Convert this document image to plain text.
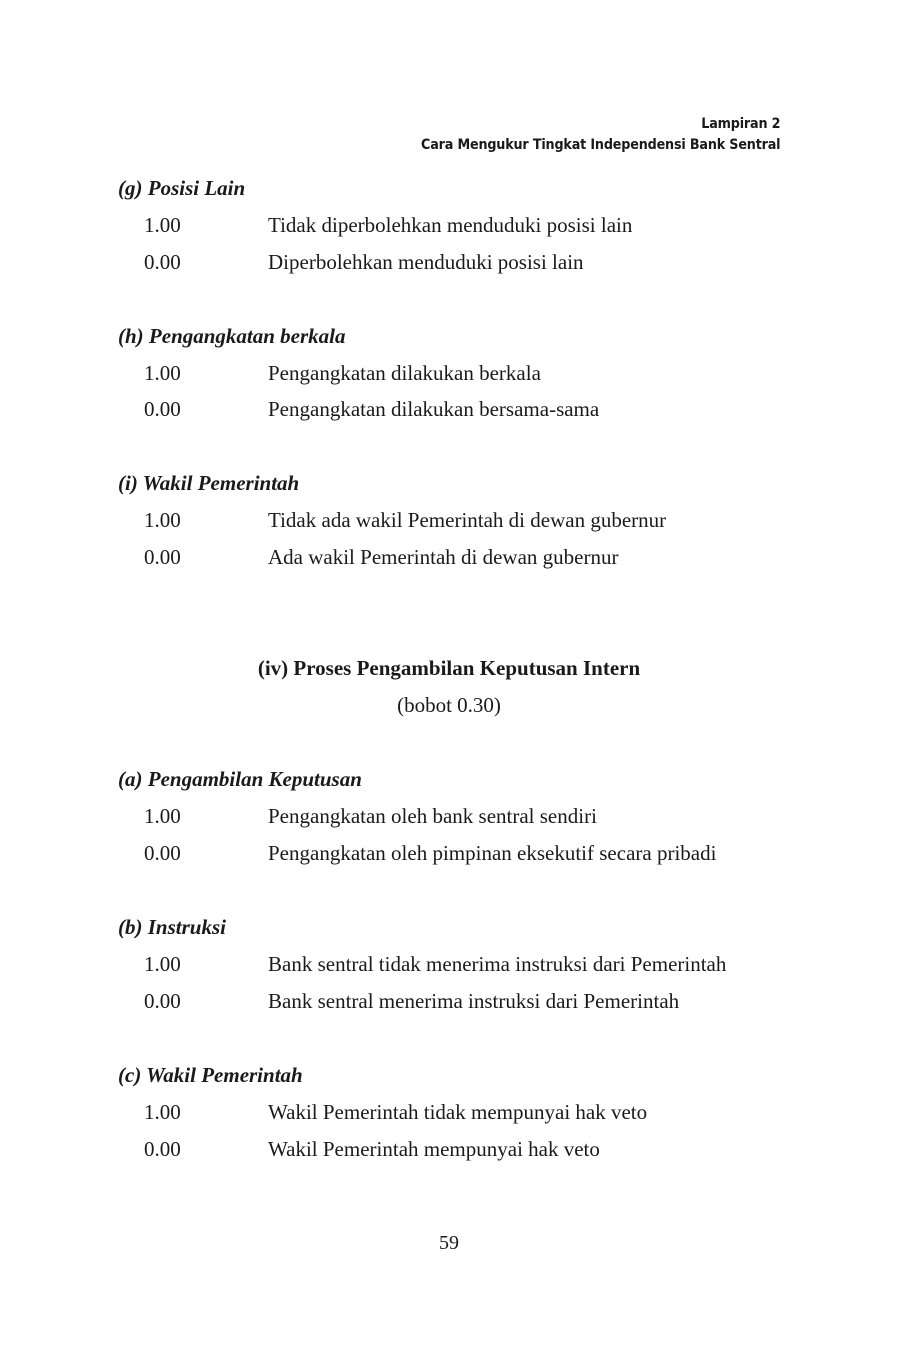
Lampiran 2
Cara Mengukur Tingkat Independensi Bank Sentral
(g) Posisi Lain
1.00	Tidak diperbolehkan menduduki posisi lain
0.00	Diperbolehkan menduduki posisi lain
(h) Pengangkatan berkala
1.00	Pengangkatan dilakukan berkala
0.00	Pengangkatan dilakukan bersama-sama
(i) Wakil Pemerintah
1.00	Tidak ada wakil Pemerintah di dewan gubernur
0.00	Ada wakil Pemerintah di dewan gubernur
(iv) Proses Pengambilan Keputusan Intern
(bobot 0.30)
(a) Pengambilan Keputusan
1.00	Pengangkatan oleh bank sentral sendiri
0.00	Pengangkatan oleh pimpinan eksekutif secara pribadi
(b) Instruksi
1.00	Bank sentral tidak menerima instruksi dari Pemerintah
0.00	Bank sentral menerima instruksi dari Pemerintah
(c) Wakil Pemerintah
1.00	Wakil Pemerintah tidak mempunyai hak veto
0.00	Wakil Pemerintah mempunyai hak veto
59
